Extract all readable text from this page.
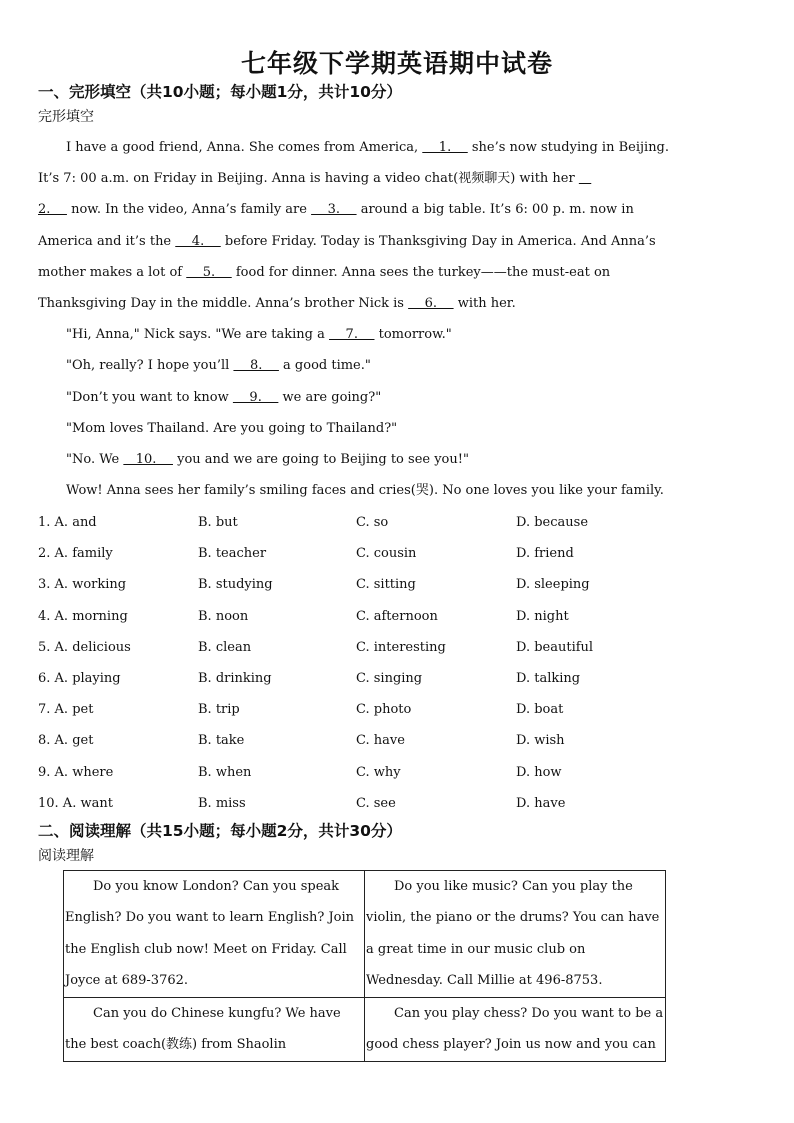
七年级下学期英语期中试卷
一、完形填空（共10小题；每小题1分，共计10分）
完形填空

I have a good friend, Anna. She comes from America,     1.     she’s now studying in Beijing.

It’s 7: 00 a.m. on Friday in Beijing. Anna is having a video chat(视频聊天) with her

2.     now. In the video, Anna’s family are     3.     around a big table. It’s 6: 00 p. m. now in

America and it’s the     4.     before Friday. Today is Thanksgiving Day in America. And Anna’s

mother makes a lot of     5.     food for dinner. Anna sees the turkey——the must-eat on

Thanksgiving Day in the middle. Anna’s brother Nick is     6.     with her.

"Hi, Anna," Nick says. "We are taking a     7.     tomorrow."

"Oh, really? I hope you’ll     8.     a good time."

"Don’t you want to know     9.     we are going?"

"Mom loves Thailand. Are you going to Thailand?"

"No. We    10.     you and we are going to Beijing to see you!"

Wow! Anna sees her family’s smiling faces and cries(哭). No one loves you like your family.

1. A. and	B. but	C. so	D. because
2. A. family	B. teacher	C. cousin	D. friend
3. A. working	B. studying	C. sitting	D. sleeping
4. A. morning	B. noon	C. afternoon	D. night
5. A. delicious	B. clean	C. interesting	D. beautiful
6. A. playing	B. drinking	C. singing	D. talking
7. A. pet	B. trip	C. photo	D. boat
8. A. get	B. take	C. have	D. wish
9. A. where	B. when	C. why	D. how
10. A. want	B. miss	C. see	D. have
二、阅读理解（共15小题；每小题2分，共计30分）
阅读理解
Do you know London? Can you speak English? Do you want to learn English? Join the English club now! Meet on Friday. Call Joyce at 689-3762.	Do you like music? Can you play the violin, the piano or the drums? You can have a great time in our music club on Wednesday. Call Millie at 496-8753.

Can you do Chinese kungfu? We have the best coach(教练) from Shaolin	Can you play chess? Do you want to be a good chess player? Join us now and you can
